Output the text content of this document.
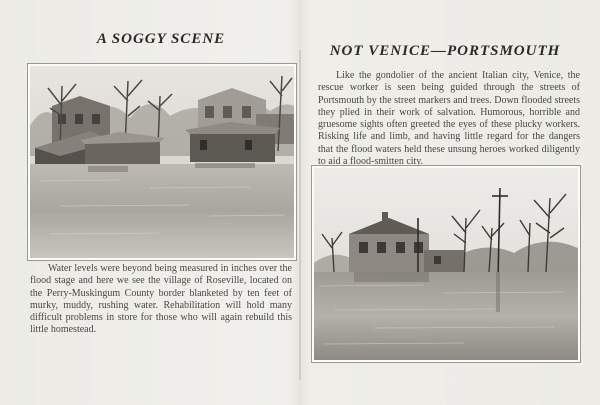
A SOGGY SCENE
Water levels were beyond being measured in inches over the flood stage and here we see the village of Roseville, located on the Perry-Muskingum County border blanketed by ten feet of murky, muddy, rushing water. Rehabilitation will hold many difficult problems in store for those who will again rebuild this little homestead.
NOT VENICE—PORTSMOUTH
Like the gondolier of the ancient Italian city, Venice, the rescue worker is seen being guided through the streets of Portsmouth by the street markers and trees. Down flooded streets they plied in their work of salvation. Humorous, horrible and gruesome sights often greeted the eyes of these plucky workers. Risking life and limb, and having little regard for the dangers that the flood waters held these unsung heroes worked diligently to aid a flood-smitten city.
